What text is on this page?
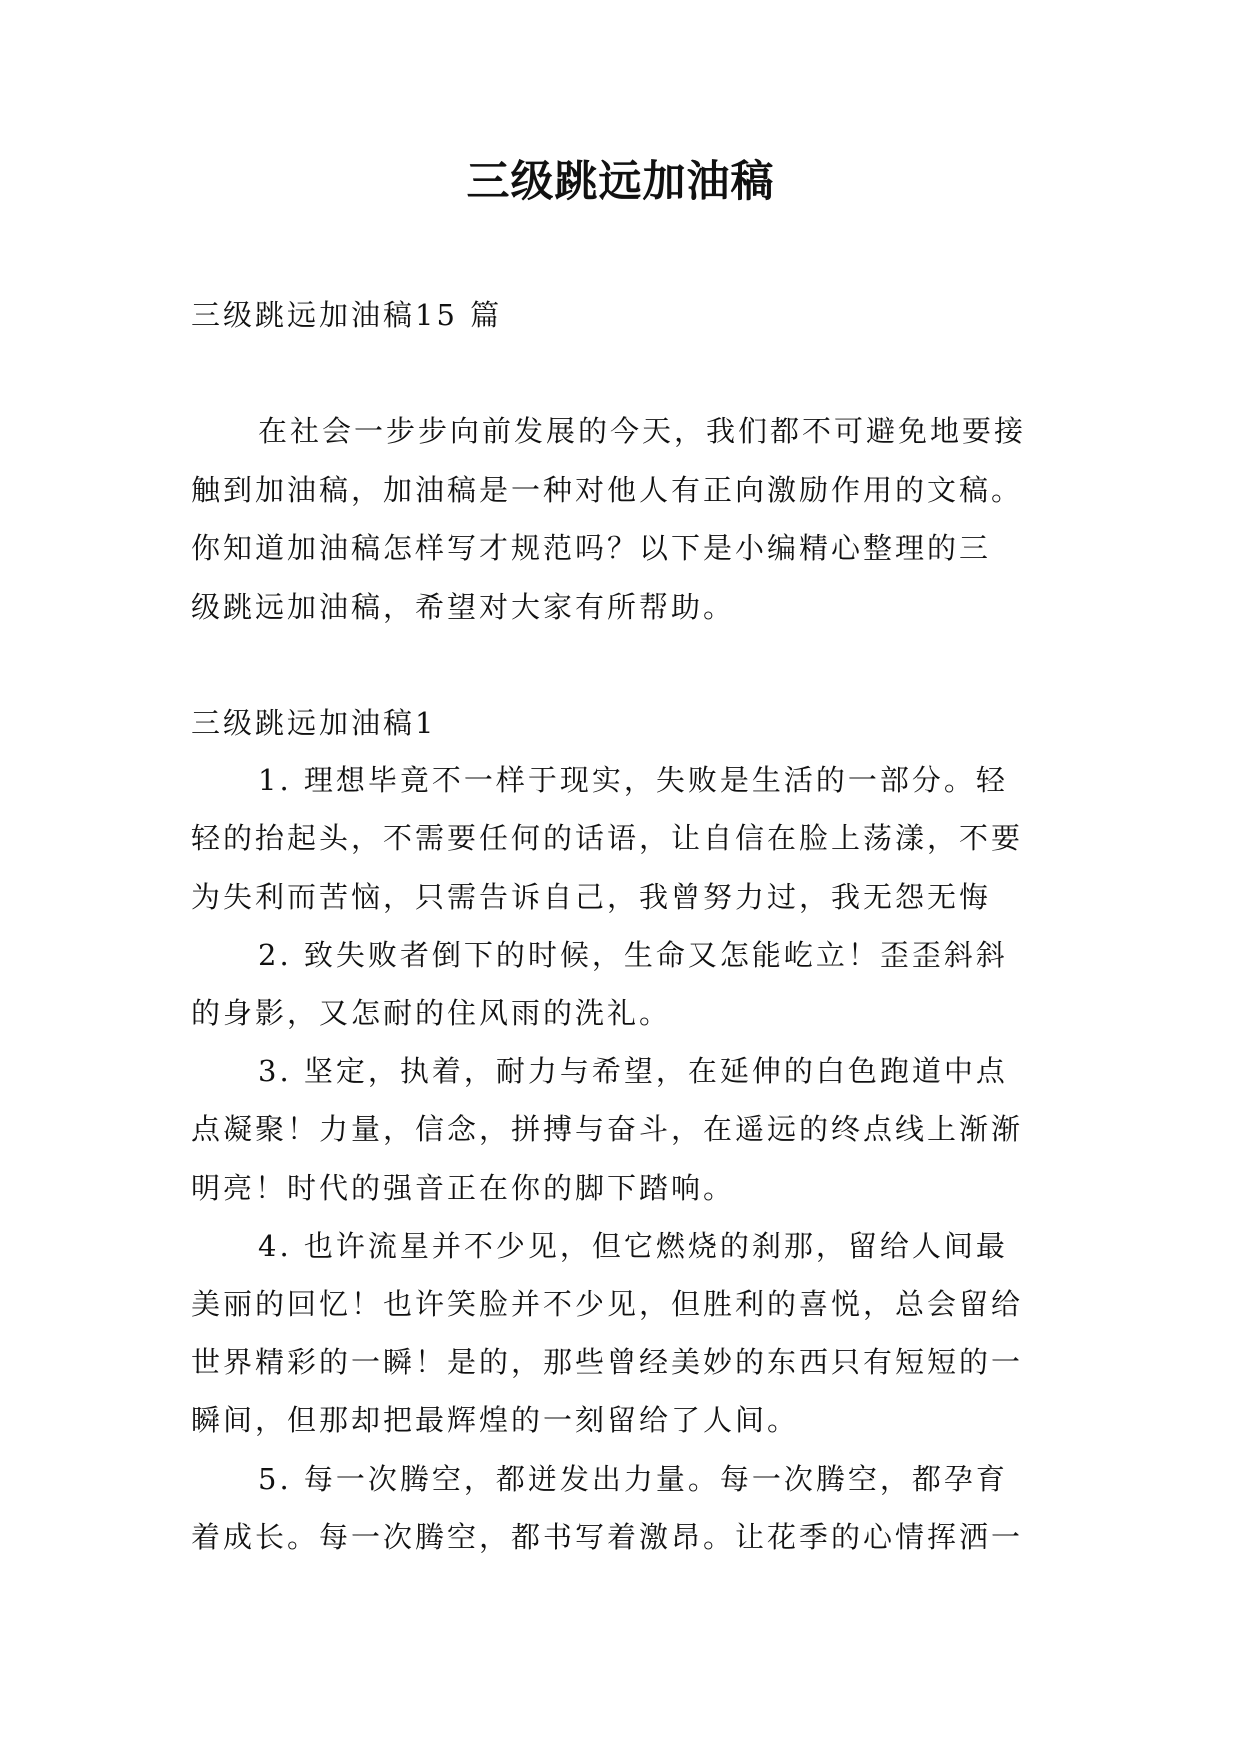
三级跳远加油稿
三级跳远加油稿15 篇
在社会一步步向前发展的今天，我们都不可避免地要接
触到加油稿，加油稿是一种对他人有正向激励作用的文稿。
你知道加油稿怎样写才规范吗？以下是小编精心整理的三
级跳远加油稿，希望对大家有所帮助。
三级跳远加油稿1
1. 理想毕竟不一样于现实，失败是生活的一部分。轻
轻的抬起头，不需要任何的话语，让自信在脸上荡漾，不要
为失利而苦恼，只需告诉自己，我曾努力过，我无怨无悔
2. 致失败者倒下的时候，生命又怎能屹立！歪歪斜斜
的身影，又怎耐的住风雨的洗礼。
3. 坚定，执着，耐力与希望，在延伸的白色跑道中点
点凝聚！力量，信念，拼搏与奋斗，在遥远的终点线上渐渐
明亮！时代的强音正在你的脚下踏响。
4. 也许流星并不少见，但它燃烧的刹那，留给人间最
美丽的回忆！也许笑脸并不少见，但胜利的喜悦，总会留给
世界精彩的一瞬！是的，那些曾经美妙的东西只有短短的一
瞬间，但那却把最辉煌的一刻留给了人间。
5. 每一次腾空，都迸发出力量。每一次腾空，都孕育
着成长。每一次腾空，都书写着激昂。让花季的心情挥洒一
